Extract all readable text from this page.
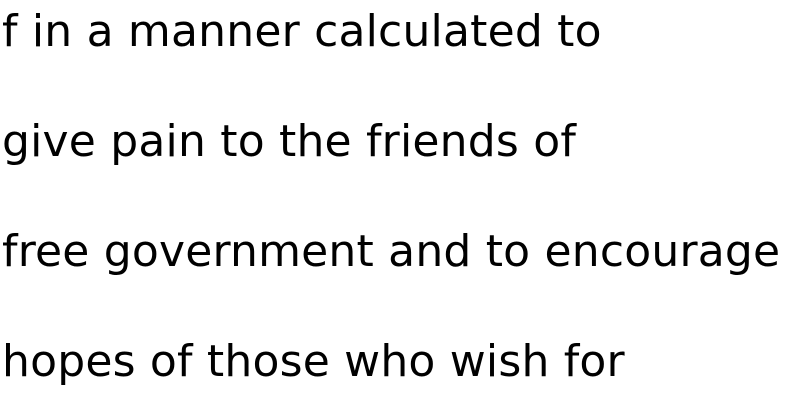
f in a manner calculated to

give pain to the friends of

free government and to encourage

hopes of those who wish for
